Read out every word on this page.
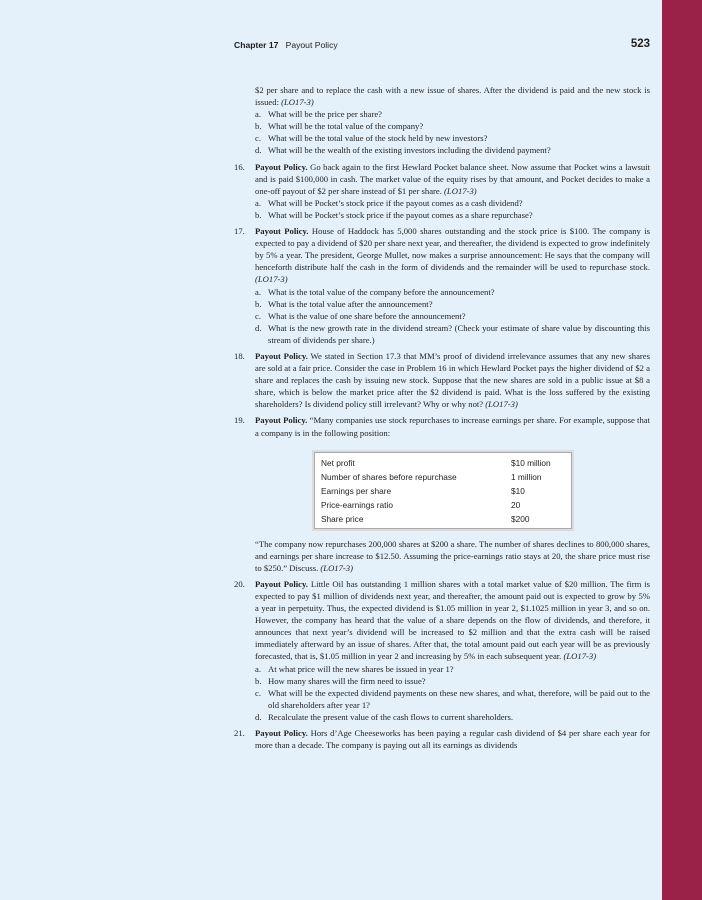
Chapter 17 Payout Policy	523

$2 per share and to replace the cash with a new issue of shares. After the dividend is paid and the new stock is issued: (LO17-3)

a. What will be the price per share?
b. What will be the total value of the company?
c. What will be the total value of the stock held by new investors?
d. What will be the wealth of the existing investors including the dividend payment?
16.	Payout Policy. Go back again to the first Hewlard Pocket balance sheet. Now assume that Pocket wins a lawsuit and is paid $100,000 in cash. The market value of the equity rises by that amount, and Pocket decides to make a one-off payout of $2 per share instead of $1 per share. (LO17-3)

a. What will be Pocket’s stock price if the payout comes as a cash dividend?
b. What will be Pocket’s stock price if the payout comes as a share repurchase?
17.	Payout Policy. House of Haddock has 5,000 shares outstanding and the stock price is $100. The company is expected to pay a dividend of $20 per share next year, and thereafter, the dividend is expected to grow indefinitely by 5% a year. The president, George Mullet, now makes a surprise announcement: He says that the company will henceforth distribute half the cash in the form of dividends and the remainder will be used to repurchase stock. (LO17-3)

a. What is the total value of the company before the announcement?
b. What is the total value after the announcement?
c. What is the value of one share before the announcement?
d. What is the new growth rate in the dividend stream? (Check your estimate of share value by discounting this stream of dividends per share.)
18.	Payout Policy. We stated in Section 17.3 that MM’s proof of dividend irrelevance assumes that any new shares are sold at a fair price. Consider the case in Problem 16 in which Hewlard Pocket pays the higher dividend of $2 a share and replaces the cash by issuing new stock. Suppose that the new shares are sold in a public issue at $8 a share, which is below the market price after the $2 dividend is paid. What is the loss suffered by the existing shareholders? Is dividend policy still irrelevant? Why or why not? (LO17-3)

19.	Payout Policy. “Many companies use stock repurchases to increase earnings per share. For example, suppose that a company is in the following position:

Net profit	$10 million
Number of shares before repurchase	1 million
Earnings per share	$10
Price-earnings ratio	20
Share price	$200

“The company now repurchases 200,000 shares at $200 a share. The number of shares declines to 800,000 shares, and earnings per share increase to $12.50. Assuming the price-earnings ratio stays at 20, the share price must rise to $250.” Discuss. (LO17-3)

20.	Payout Policy. Little Oil has outstanding 1 million shares with a total market value of $20 million. The firm is expected to pay $1 million of dividends next year, and thereafter, the amount paid out is expected to grow by 5% a year in perpetuity. Thus, the expected dividend is $1.05 million in year 2, $1.1025 million in year 3, and so on. However, the company has heard that the value of a share depends on the flow of dividends, and therefore, it announces that next year’s dividend will be increased to $2 million and that the extra cash will be raised immediately afterward by an issue of shares. After that, the total amount paid out each year will be as previously forecasted, that is, $1.05 million in year 2 and increasing by 5% in each subsequent year. (LO17-3)

a. At what price will the new shares be issued in year 1?
b. How many shares will the firm need to issue?
c. What will be the expected dividend payments on these new shares, and what, therefore, will be paid out to the old shareholders after year 1?
d. Recalculate the present value of the cash flows to current shareholders.
21.	Payout Policy. Hors d’Age Cheeseworks has been paying a regular cash dividend of $4 per share each year for more than a decade. The company is paying out all its earnings as dividends
